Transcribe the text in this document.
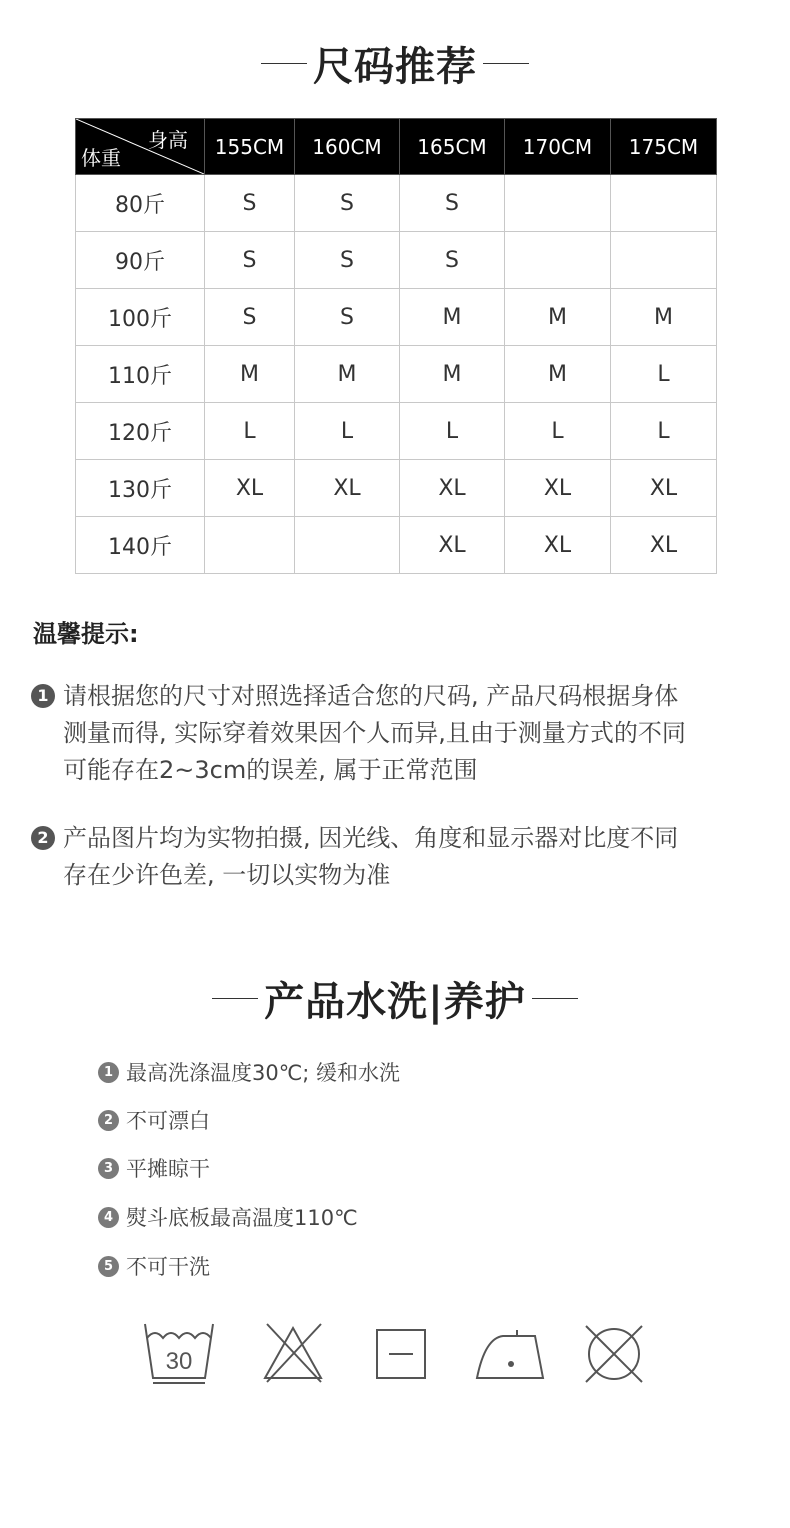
尺码推荐
身高
体重	155CM	160CM	165CM	170CM	175CM
80斤	S	S	S		
90斤	S	S	S		
100斤	S	S	M	M	M
110斤	M	M	M	M	L
120斤	L	L	L	L	L
130斤	XL	XL	XL	XL	XL
140斤			XL	XL	XL
温馨提示:
1 请根据您的尺寸对照选择适合您的尺码, 产品尺码根据身体
测量而得, 实际穿着效果因个人而异,且由于测量方式的不同
可能存在2~3cm的误差, 属于正常范围
2 产品图片均为实物拍摄, 因光线、角度和显示器对比度不同
存在少许色差, 一切以实物为准
产品水洗|养护
1 最高洗涤温度30℃; 缓和水洗
2 不可漂白
3 平摊晾干
4 熨斗底板最高温度110℃
5 不可干洗
30
